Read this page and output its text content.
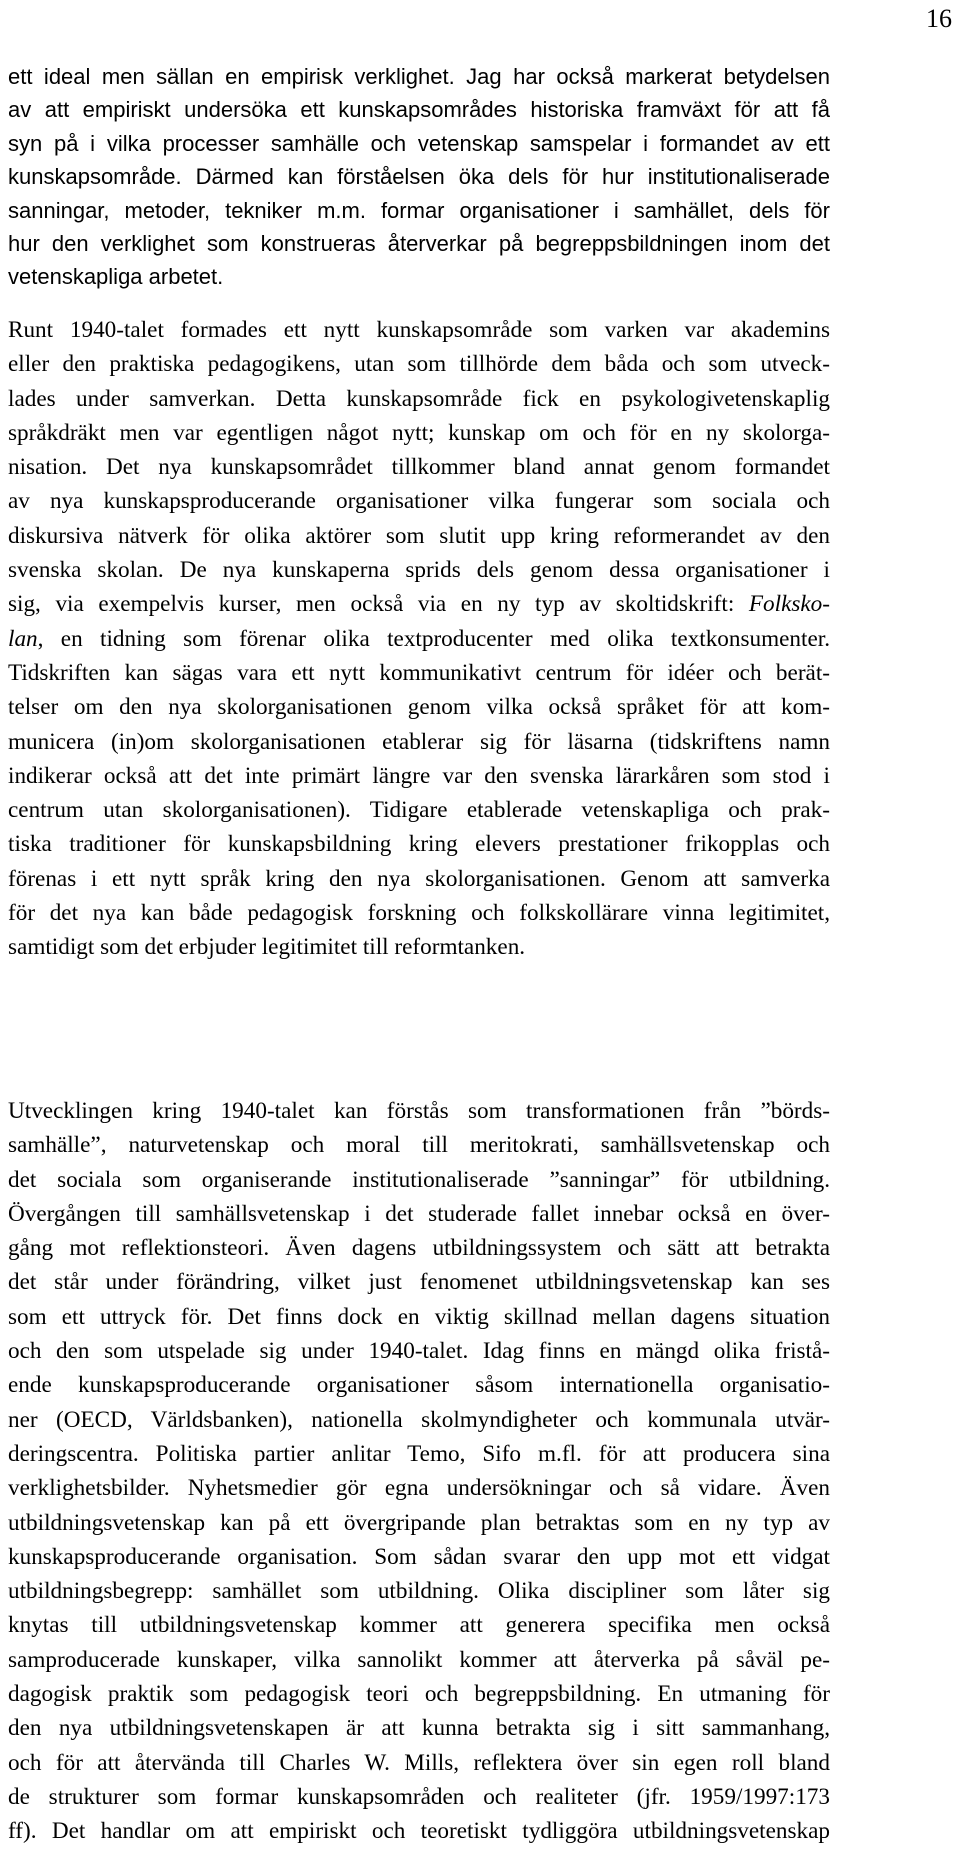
16

ett ideal men sällan en empirisk verklighet. Jag har också markerat betydelsen
av att empiriskt undersöka ett kunskapsområdes historiska framväxt för att få
syn på i vilka processer samhälle och vetenskap samspelar i formandet av ett
kunskapsområde. Därmed kan förståelsen öka dels för hur institutionaliserade
sanningar, metoder, tekniker m.m. formar organisationer i samhället, dels för
hur den verklighet som konstrueras återverkar på begreppsbildningen inom det
vetenskapliga arbetet.

Runt 1940-talet formades ett nytt kunskapsområde som varken var akademins
eller den praktiska pedagogikens, utan som tillhörde dem båda och som utveck-
lades under samverkan. Detta kunskapsområde fick en psykologivetenskaplig
språkdräkt men var egentligen något nytt; kunskap om och för en ny skolorga-
nisation. Det nya kunskapsområdet tillkommer bland annat genom formandet
av nya kunskapsproducerande organisationer vilka fungerar som sociala och
diskursiva nätverk för olika aktörer som slutit upp kring reformerandet av den
svenska skolan. De nya kunskaperna sprids dels genom dessa organisationer i
sig, via exempelvis kurser, men också via en ny typ av skoltidskrift: Folksko-
lan, en tidning som förenar olika textproducenter med olika textkonsumenter.
Tidskriften kan sägas vara ett nytt kommunikativt centrum för idéer och berät-
telser om den nya skolorganisationen genom vilka också språket för att kom-
municera (in)om skolorganisationen etablerar sig för läsarna (tidskriftens namn
indikerar också att det inte primärt längre var den svenska lärarkåren som stod i
centrum utan skolorganisationen). Tidigare etablerade vetenskapliga och prak-
tiska traditioner för kunskapsbildning kring elevers prestationer frikopplas och
förenas i ett nytt språk kring den nya skolorganisationen. Genom att samverka
för det nya kan både pedagogisk forskning och folkskollärare vinna legitimitet,
samtidigt som det erbjuder legitimitet till reformtanken.

Utvecklingen kring 1940-talet kan förstås som transformationen från ”börds-
samhälle”, naturvetenskap och moral till meritokrati, samhällsvetenskap och
det sociala som organiserande institutionaliserade ”sanningar” för utbildning.
Övergången till samhällsvetenskap i det studerade fallet innebar också en över-
gång mot reflektionsteori. Även dagens utbildningssystem och sätt att betrakta
det står under förändring, vilket just fenomenet utbildningsvetenskap kan ses
som ett uttryck för. Det finns dock en viktig skillnad mellan dagens situation
och den som utspelade sig under 1940-talet. Idag finns en mängd olika fristå-
ende kunskapsproducerande organisationer såsom internationella organisatio-
ner (OECD, Världsbanken), nationella skolmyndigheter och kommunala utvär-
deringscentra. Politiska partier anlitar Temo, Sifo m.fl. för att producera sina
verklighetsbilder. Nyhetsmedier gör egna undersökningar och så vidare. Även
utbildningsvetenskap kan på ett övergripande plan betraktas som en ny typ av
kunskapsproducerande organisation. Som sådan svarar den upp mot ett vidgat
utbildningsbegrepp: samhället som utbildning. Olika discipliner som låter sig
knytas till utbildningsvetenskap kommer att generera specifika men också
samproducerade kunskaper, vilka sannolikt kommer att återverka på såväl pe-
dagogisk praktik som pedagogisk teori och begreppsbildning. En utmaning för
den nya utbildningsvetenskapen är att kunna betrakta sig i sitt sammanhang,
och för att återvända till Charles W. Mills, reflektera över sin egen roll bland
de strukturer som formar kunskapsområden och realiteter (jfr. 1959/1997:173
ff). Det handlar om att empiriskt och teoretiskt tydliggöra utbildningsvetenskap
